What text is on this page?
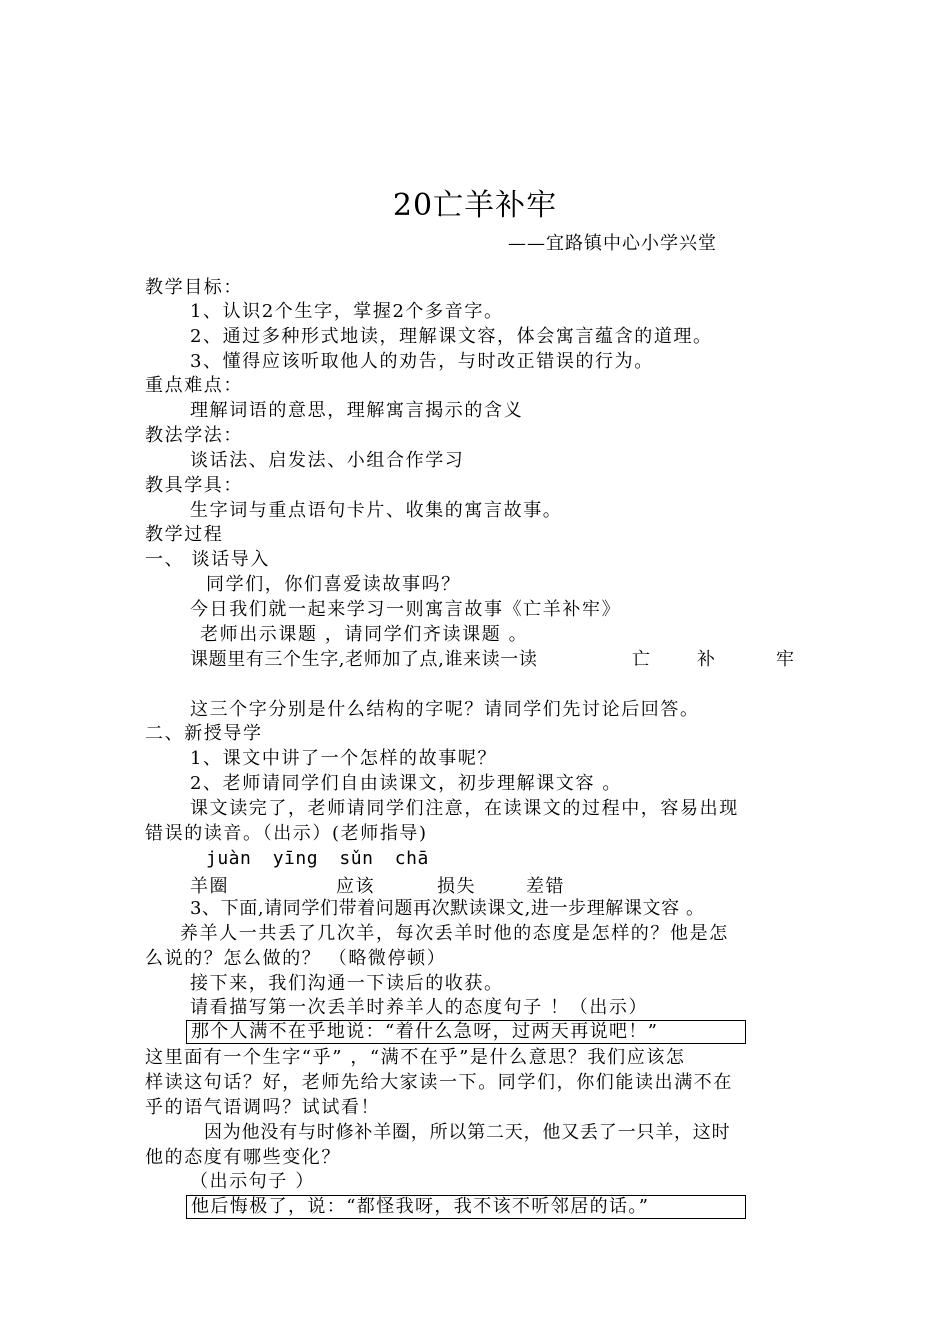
20亡羊补牢
——宜路镇中心小学兴堂
教学目标：
1、认识2个生字，掌握2个多音字。
2、通过多种形式地读，理解课文容，体会寓言蕴含的道理。
3、懂得应该听取他人的劝告，与时改正错误的行为。
重点难点：
理解词语的意思，理解寓言揭示的含义
教法学法：
谈话法、启发法、小组合作学习
教具学具：
生字词与重点语句卡片、收集的寓言故事。
教学过程
一、 谈话导入
同学们，你们喜爱读故事吗？
今日我们就一起来学习一则寓言故事《亡羊补牢》
老师出示课题 ，请同学们齐读课题 。
课题里有三个生字,老师加了点,谁来读一读	亡	补	牢
这三个字分别是什么结构的字呢？请同学们先讨论后回答。
二、新授导学
1、课文中讲了一个怎样的故事呢？
2、老师请同学们自由读课文，初步理解课文容 。
课文读完了，老师请同学们注意，在读课文的过程中，容易出现
错误的读音。（出示）(老师指导)
juàn yīng sǔn chā
羊圈	应该	损失	差错
3、下面,请同学们带着问题再次默读课文,进一步理解课文容 。
养羊人一共丢了几次羊，每次丢羊时他的态度是怎样的？他是怎
么说的？怎么做的？ （略微停顿）
接下来，我们沟通一下读后的收获。
请看描写第一次丢羊时养羊人的态度句子 ！（出示）
那个人满不在乎地说：“着什么急呀，过两天再说吧！”
这里面有一个生字“乎” ，“满不在乎”是什么意思？我们应该怎
样读这句话？好，老师先给大家读一下。同学们，你们能读出满不在
乎的语气语调吗？试试看！
因为他没有与时修补羊圈，所以第二天，他又丢了一只羊，这时
他的态度有哪些变化？
（出示句子 ）
他后悔极了，说：“都怪我呀，我不该不听邻居的话。”
